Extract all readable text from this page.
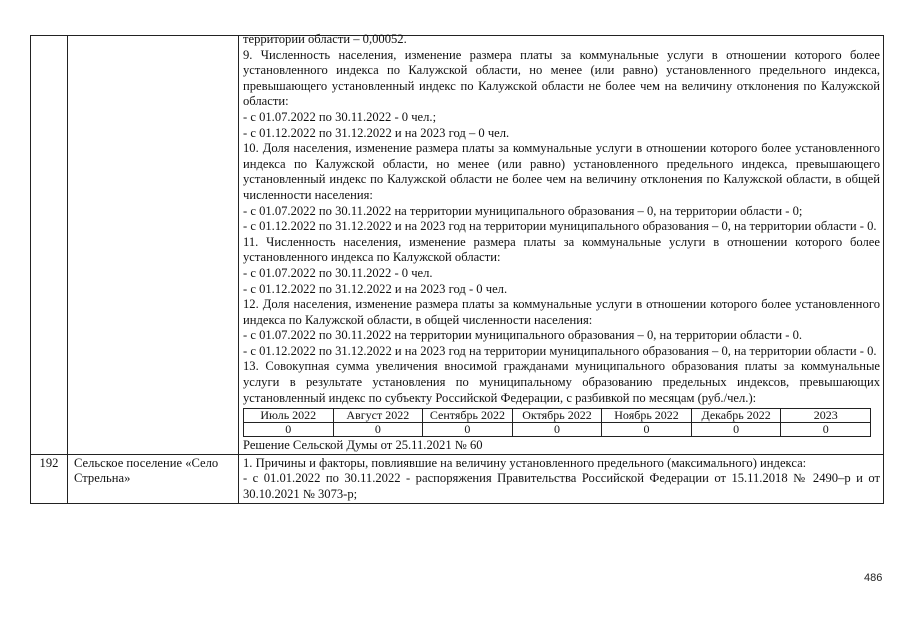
территории области – 0,00052.

9. Численность населения, изменение размера платы за коммунальные услуги в отношении которого более установленного индекса по Калужской области, но менее (или равно) установленного предельного индекса, превышающего установленный индекс по Калужской области не более чем на величину отклонения по Калужской области:

- с 01.07.2022 по 30.11.2022 - 0 чел.;

- с 01.12.2022 по 31.12.2022 и на 2023 год – 0 чел.

10. Доля населения, изменение размера платы за коммунальные услуги в отношении которого более установленного индекса по Калужской области, но менее (или равно) установленного предельного индекса, превышающего установленный индекс по Калужской области не более чем на величину отклонения по Калужской области, в общей численности населения:

- с 01.07.2022 по 30.11.2022 на территории муниципального образования – 0, на территории области - 0;

- с 01.12.2022 по 31.12.2022 и на 2023 год на территории муниципального образования – 0, на территории области - 0.

11. Численность населения, изменение размера платы за коммунальные услуги в отношении которого более установленного индекса по Калужской области:

- с 01.07.2022 по 30.11.2022 - 0 чел.

- с 01.12.2022 по 31.12.2022 и на 2023 год - 0 чел.

12. Доля населения, изменение размера платы за коммунальные услуги в отношении которого более установленного индекса по Калужской области, в общей численности населения:

- с 01.07.2022 по 30.11.2022 на территории муниципального образования – 0, на территории области - 0.

- с 01.12.2022 по 31.12.2022 и на 2023 год на территории муниципального образования – 0, на территории области - 0.

13. Совокупная сумма увеличения вносимой гражданами муниципального образования платы за коммунальные услуги в результате установления по муниципальному образованию предельных индексов, превышающих установленный индекс по субъекту Российской Федерации, с разбивкой по месяцам (руб./чел.):

Июль 2022	Август 2022	Сентябрь 2022	Октябрь 2022	Ноябрь 2022	Декабрь 2022	2023
0	0	0	0	0	0	0
Решение Сельской Думы от 25.11.2021 № 60

192	Сельское поселение «Село Стрельна»

1. Причины и факторы, повлиявшие на величину установленного предельного (максимального) индекса:

- с 01.01.2022 по 30.11.2022 - распоряжения Правительства Российской Федерации от 15.11.2018 № 2490–р и от 30.10.2021 № 3073-р;

486
